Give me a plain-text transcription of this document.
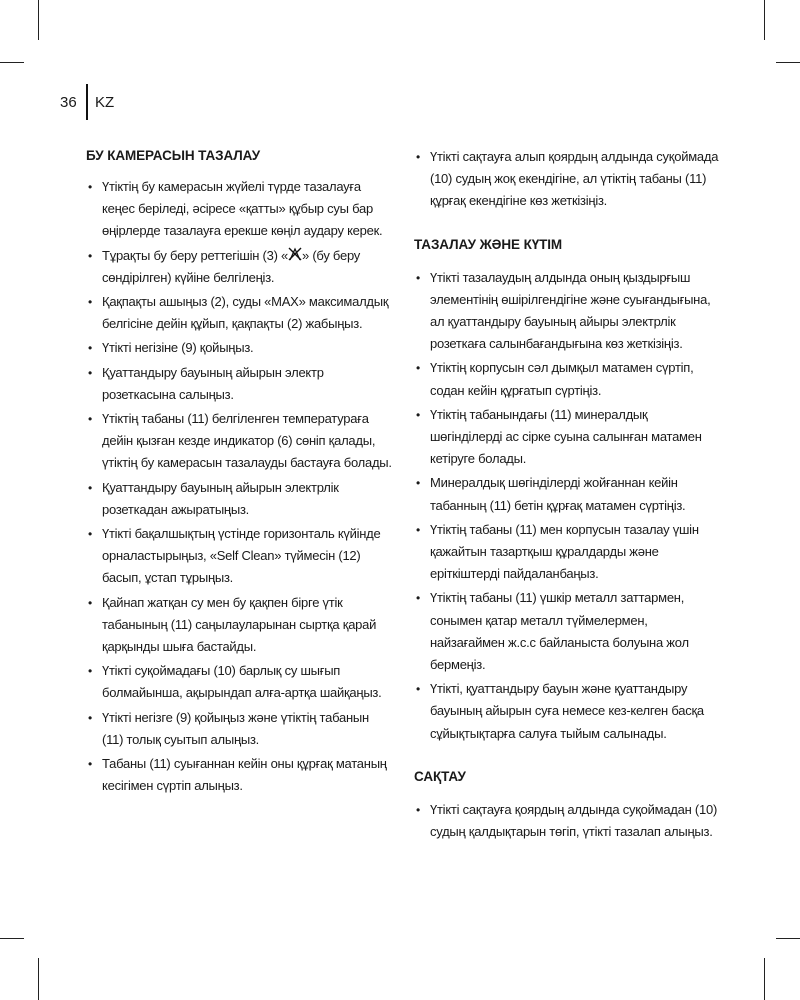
36 KZ
БУ КАМЕРАСЫН ТАЗАЛАУ
• Үтіктің бу камерасын жүйелі түрде тазалауға кеңес беріледі, әсіресе «қатты» құбыр суы бар өңірлерде тазалауға ерекше көңіл аудару керек.
• Тұрақты бу беру реттегішін (3) « » (бу беру сөндірілген) күйіне белгілеңіз.
• Қақпақты ашыңыз (2), суды «MAX» максималдық белгісіне дейін құйып, қақпақты (2) жабыңыз.
• Үтікті негізіне (9) қойыңыз.
• Қуаттандыру бауының айырын электр розеткасына салыңыз.
• Үтіктің табаны (11) белгіленген температураға дейін қызған кезде индикатор (6) сөніп қалады, үтіктің бу камерасын тазалауды бастауға болады.
• Қуаттандыру бауының айырын электрлік розеткадан ажыратыңыз.
• Үтікті бақалшықтың үстінде горизонталь күйінде орналастырыңыз, «Self Clean» түймесін (12) басып, ұстап тұрыңыз.
• Қайнап жатқан су мен бу қақпен бірге үтік табанының (11) саңылауларынан сыртқа қарай қарқынды шыға бастайды.
• Үтікті суқоймадағы (10) барлық су шығып болмайынша, ақырындап алға-артқа шайқаңыз.
• Үтікті негізге (9) қойыңыз және үтіктің табанын (11) толық суытып алыңыз.
• Табаны (11) суығаннан кейін оны құрғақ матаның кесігімен сүртіп алыңыз.
• Үтікті сақтауға алып қоярдың алдында суқоймада (10) судың жоқ екендігіне, ал үтіктің табаны (11) құрғақ екендігіне көз жеткізіңіз.
ТАЗАЛАУ ЖӘНЕ КҮТІМ
• Үтікті тазалаудың алдында оның қыздырғыш элементінің өшірілгендігіне және суығандығына, ал қуаттандыру бауының айыры электрлік розеткаға салынбағандығына көз жеткізіңіз.
• Үтіктің корпусын сәл дымқыл матамен сүртіп, содан кейін құрғатып сүртіңіз.
• Үтіктің табанындағы (11) минералдық шөгінділерді ас сірке суына салынған матамен кетіруге болады.
• Минералдық шөгінділерді жойғаннан кейін табанның (11) бетін құрғақ матамен сүртіңіз.
• Үтіктің табаны (11) мен корпусын тазалау үшін қажайтын тазартқыш құралдарды және еріткіштерді пайдаланбаңыз.
• Үтіктің табаны (11) үшкір металл заттармен, сонымен қатар металл түймелермен, найзағаймен ж.с.с байланыста болуына жол бермеңіз.
• Үтікті, қуаттандыру бауын және қуаттандыру бауының айырын суға немесе кез-келген басқа сұйықтықтарға салуға тыйым салынады.
САҚТАУ
• Үтікті сақтауға қоярдың алдында суқоймадан (10) судың қалдықтарын төгіп, үтікті тазалап алыңыз.
